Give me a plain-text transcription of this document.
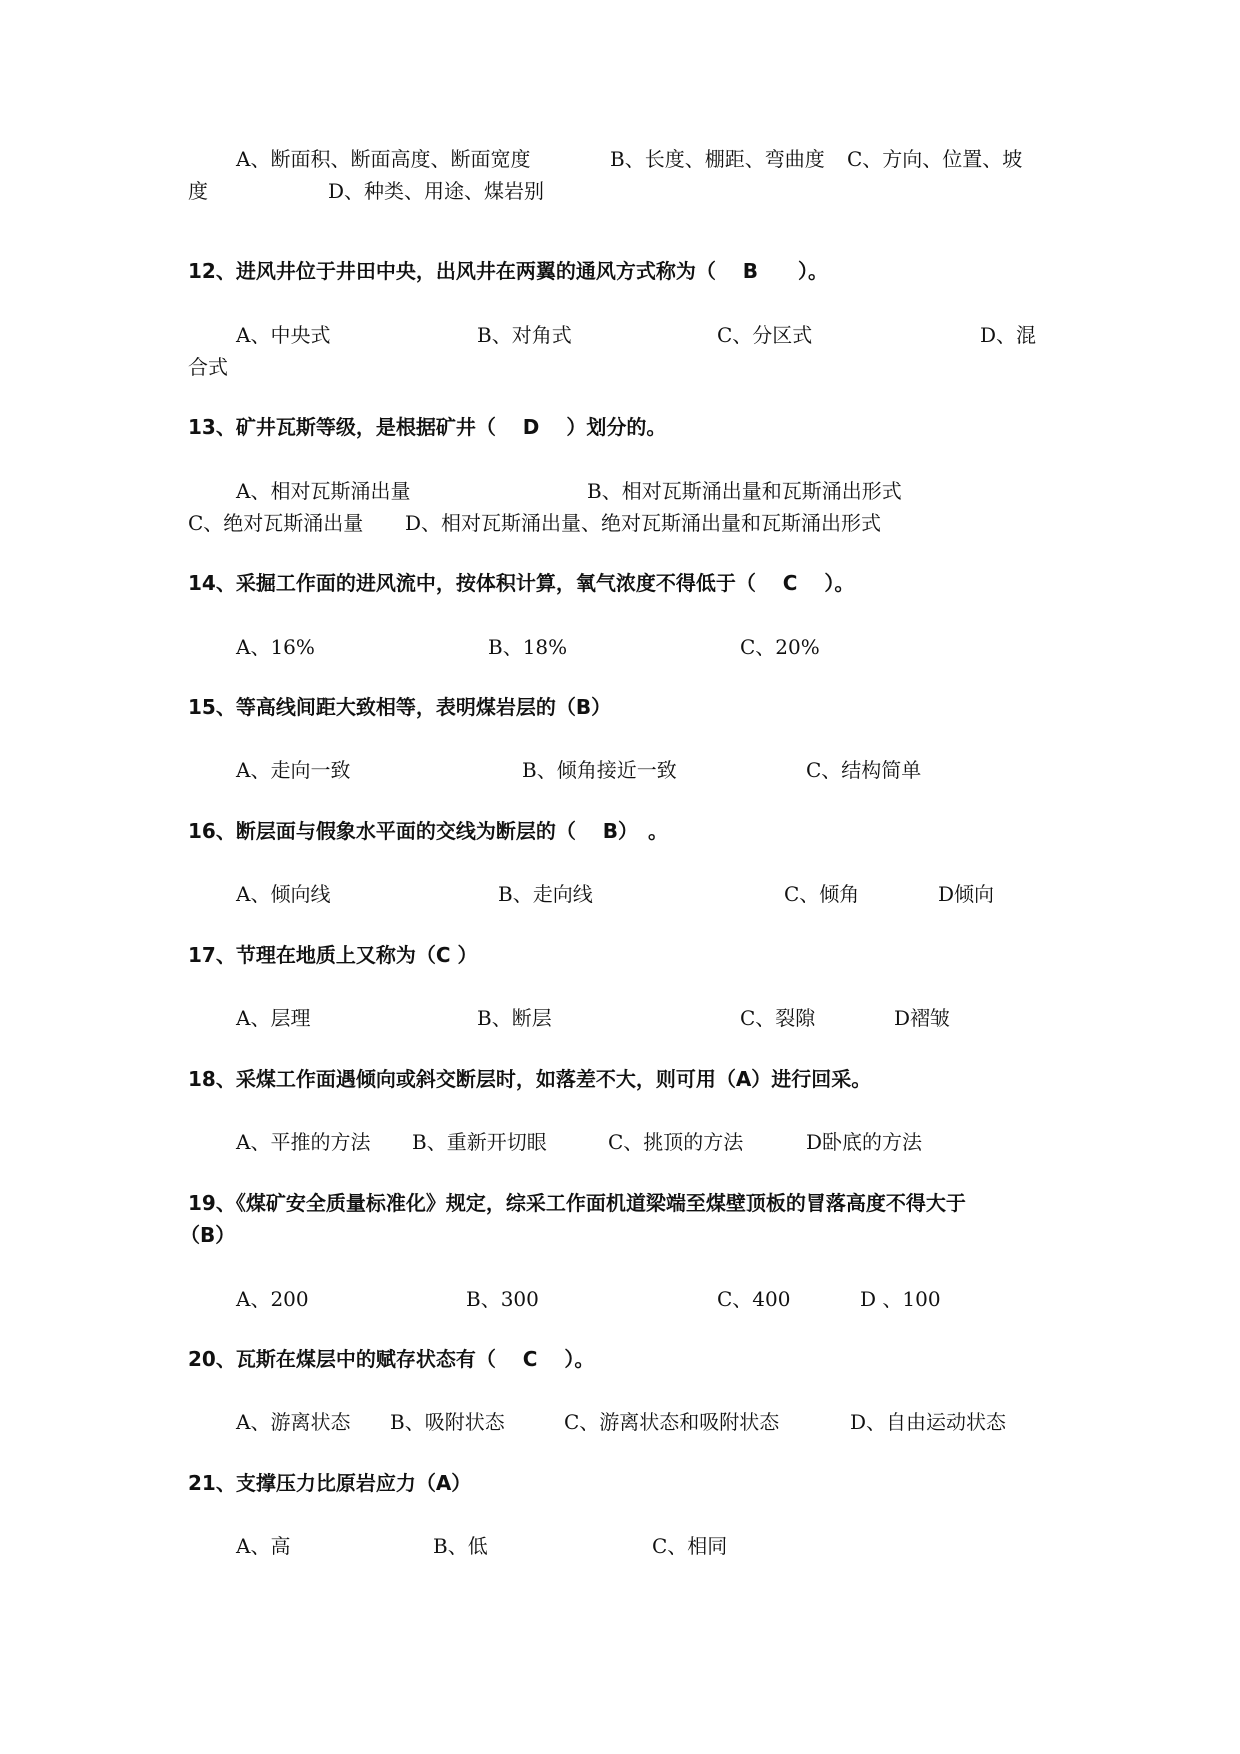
A、断面积、断面高度、断面宽度	B、长度、棚距、弯曲度 C、方向、位置、坡
度	D、种类、用途、煤岩别
12、进风井位于井田中央，出风井在两翼的通风方式称为（　 B　　）。
A、中央式	B、对角式	C、分区式	D、混
合式
13、矿井瓦斯等级，是根据矿井（　 D　 ）划分的。
A、相对瓦斯涌出量	B、相对瓦斯涌出量和瓦斯涌出形式
C、绝对瓦斯涌出量 D、相对瓦斯涌出量、绝对瓦斯涌出量和瓦斯涌出形式
14、采掘工作面的进风流中，按体积计算，氧气浓度不得低于（　 C　 ）。
A、16%	B、18%	C、20%
15、等高线间距大致相等，表明煤岩层的（B）
A、走向一致	B、倾角接近一致	C、结构简单
16、断层面与假象水平面的交线为断层的（　 B）　。
A、倾向线	B、走向线	C、倾角	D倾向
17、节理在地质上又称为（C ）
A、层理	B、断层	C、裂隙	D褶皱
18、采煤工作面遇倾向或斜交断层时，如落差不大，则可用（A）进行回采。
A、平推的方法 B、重新开切眼	C、挑顶的方法	D卧底的方法
19、《煤矿安全质量标准化》规定，综采工作面机道梁端至煤壁顶板的冒落高度不得大于
（B）
A、200	B、300	C、400	D 、100
20、瓦斯在煤层中的赋存状态有（　 C　 ）。
A、游离状态 B、吸附状态	C、游离状态和吸附状态	D、自由运动状态
21、支撑压力比原岩应力（A）
A、高	B、低	C、相同
